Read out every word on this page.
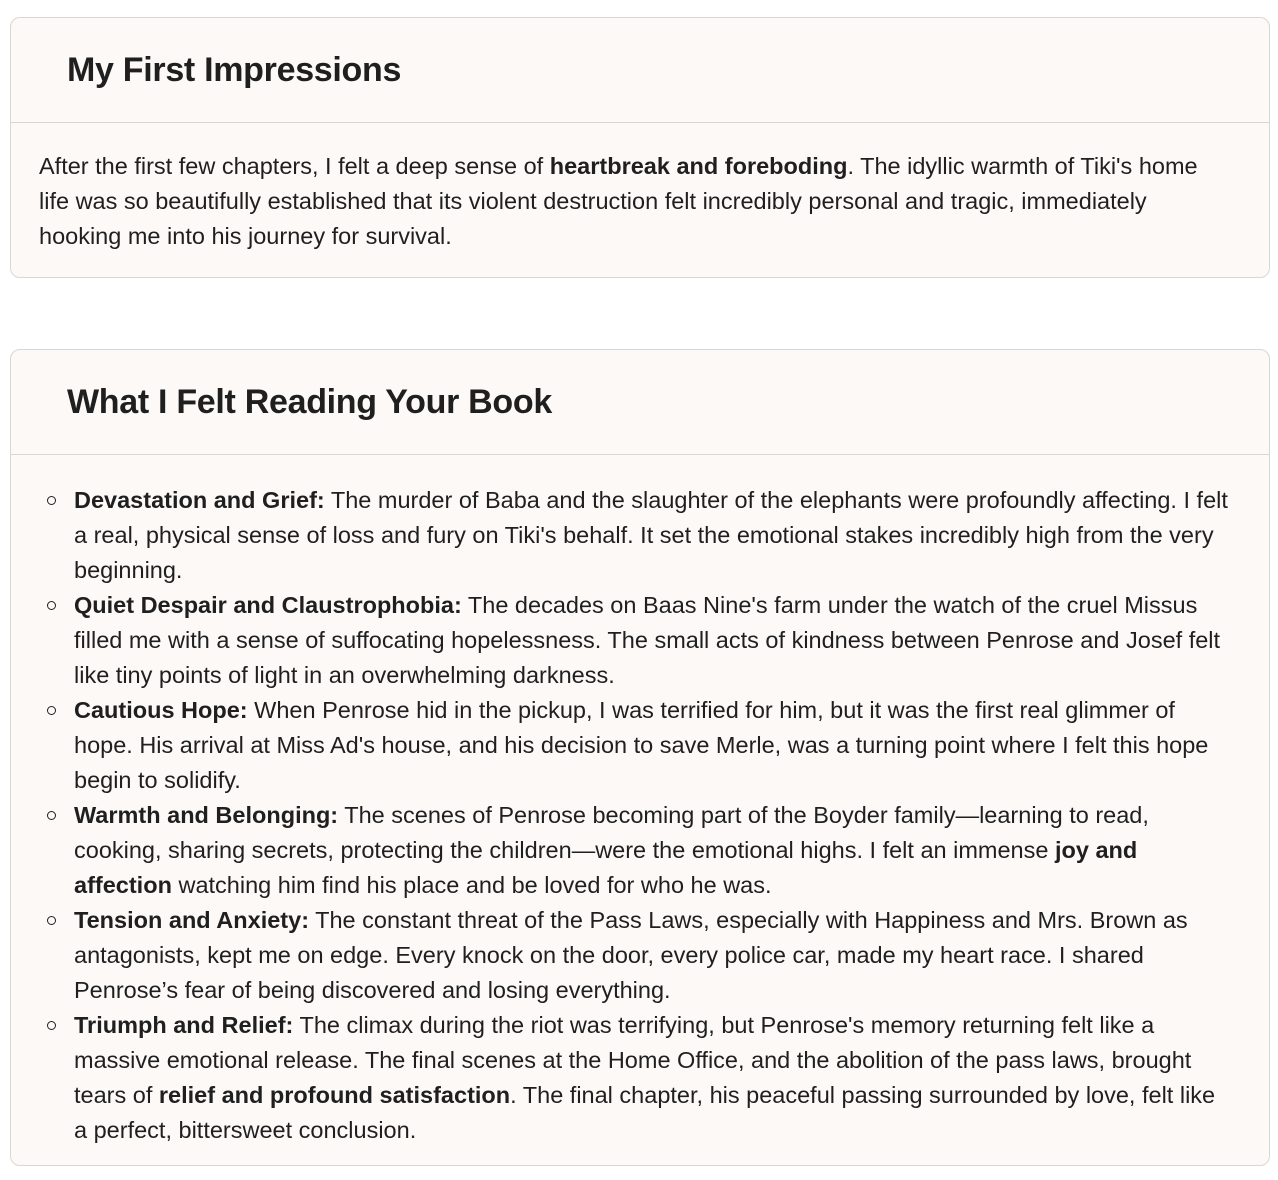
My First Impressions

After the first few chapters, I felt a deep sense of heartbreak and foreboding. The idyllic warmth of Tiki's home life was so beautifully established that its violent destruction felt incredibly personal and tragic, immediately hooking me into his journey for survival.

What I Felt Reading Your Book
Devastation and Grief: The murder of Baba and the slaughter of the elephants were profoundly affecting. I felt a real, physical sense of loss and fury on Tiki's behalf. It set the emotional stakes incredibly high from the very beginning.
Quiet Despair and Claustrophobia: The decades on Baas Nine's farm under the watch of the cruel Missus filled me with a sense of suffocating hopelessness. The small acts of kindness between Penrose and Josef felt like tiny points of light in an overwhelming darkness.
Cautious Hope: When Penrose hid in the pickup, I was terrified for him, but it was the first real glimmer of hope. His arrival at Miss Ad's house, and his decision to save Merle, was a turning point where I felt this hope begin to solidify.
Warmth and Belonging: The scenes of Penrose becoming part of the Boyder family—learning to read, cooking, sharing secrets, protecting the children—were the emotional highs. I felt an immense joy and affection watching him find his place and be loved for who he was.
Tension and Anxiety: The constant threat of the Pass Laws, especially with Happiness and Mrs. Brown as antagonists, kept me on edge. Every knock on the door, every police car, made my heart race. I shared Penrose’s fear of being discovered and losing everything.
Triumph and Relief: The climax during the riot was terrifying, but Penrose's memory returning felt like a massive emotional release. The final scenes at the Home Office, and the abolition of the pass laws, brought tears of relief and profound satisfaction. The final chapter, his peaceful passing surrounded by love, felt like a perfect, bittersweet conclusion.
